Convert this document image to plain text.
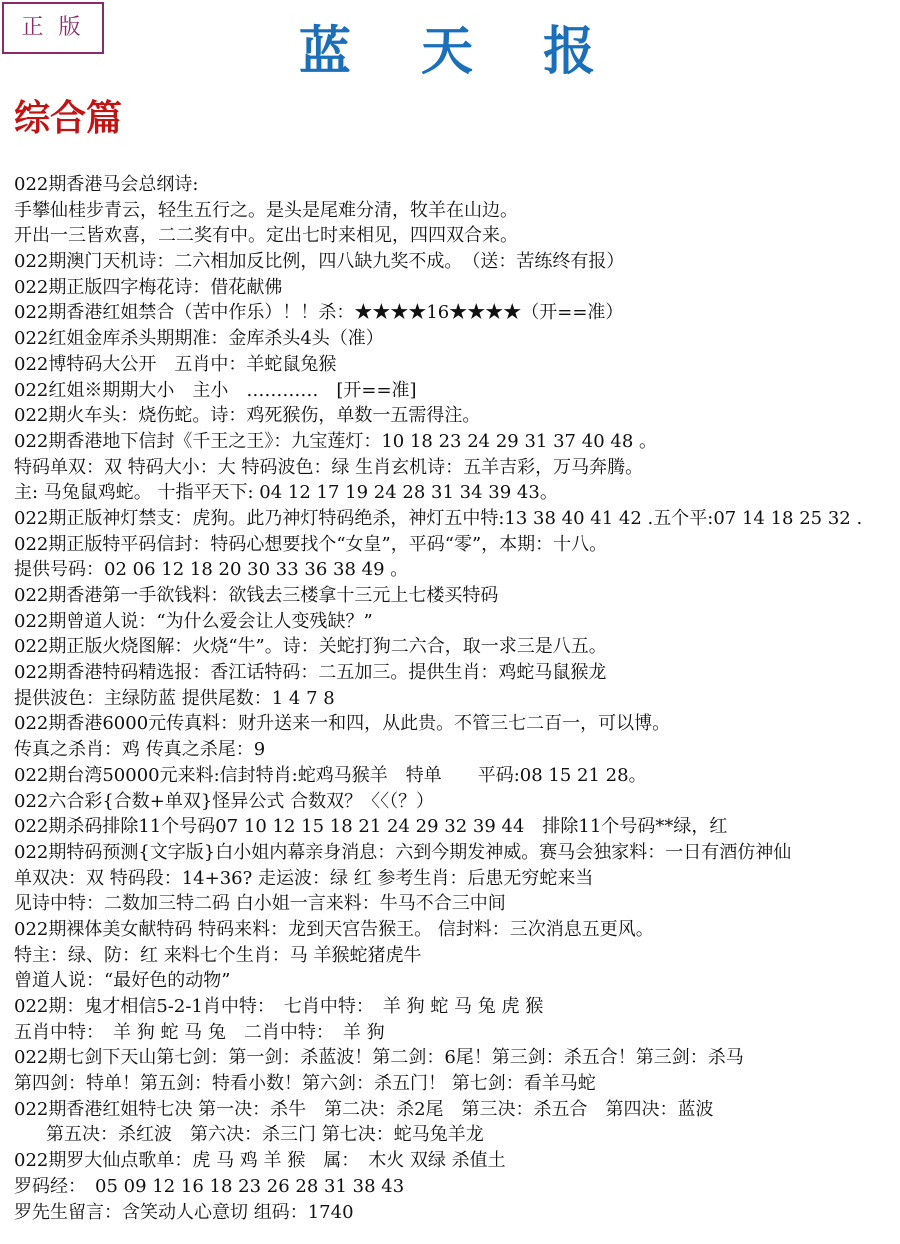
正 版	蓝 天 报
综合篇
022期香港马会总纲诗:
手攀仙桂步青云，轻生五行之。是头是尾难分清，牧羊在山边。
开出一三皆欢喜，二二奖有中。定出七时来相见，四四双合来。
022期澳门天机诗：二六相加反比例，四八缺九奖不成。　（送：苦练终有报）
022期正版四字梅花诗：借花献佛
022期香港红姐禁合（苦中作乐）！！杀：★★★★16★★★★（开==准）
022红姐金库杀头期期准：金库杀头4头（准）
022博特码大公开　五肖中：羊蛇鼠兔猴
022红姐※期期大小　主小　…………　[开==准]
022期火车头：烧伤蛇。诗：鸡死猴伤，单数一五需得注。
022期香港地下信封《千王之王》：九宝莲灯：10 18 23 24 29 31 37 40 48 。
特码单双：双 特码大小：大 特码波色：绿 生肖玄机诗：五羊吉彩，万马奔腾。
主: 马兔鼠鸡蛇。 十指平天下: 04 12 17 19 24 28 31 34 39 43。
022期正版神灯禁支：虎狗。此乃神灯特码绝杀，神灯五中特:13 38 40 41 42 .五个平:07 14 18 25 32 .
022期正版特平码信封：特码心想要找个“女皇”，平码“零”，本期：十八。
提供号码：02 06 12 18 20 30 33 36 38 49 。
022期香港第一手欲钱料：欲钱去三楼拿十三元上七楼买特码
022期曾道人说：“为什么爱会让人变残缺？”
022期正版火烧图解：火烧“牛”。诗：关蛇打狗二六合，取一求三是八五。
022期香港特码精选报：香江话特码：二五加三。提供生肖：鸡蛇马鼠猴龙
提供波色：主绿防蓝 提供尾数：1 4 7 8
022期香港6000元传真料：财升送来一和四，从此贵。不管三七二百一，可以博。
传真之杀肖：鸡 传真之杀尾：9
022期台湾50000元来料:信封特肖:蛇鸡马猴羊　特单　　平码:08 15 21 28。
022六合彩{合数+单双}怪异公式 合数双？〈〈（？）
022期杀码排除11个号码07 10 12 15 18 21 24 29 32 39 44　排除11个号码**绿，红
022期特码预测{文字版}白小姐内幕亲身消息：六到今期发神威。赛马会独家料：一日有酒仿神仙
单双决：双 特码段：14+36? 走运波：绿 红 参考生肖：后患无穷蛇来当
见诗中特：二数加三特二码 白小姐一言来料：牛马不合三中间
022期裸体美女献特码 特码来料：龙到天宫告猴王。 信封料：三次消息五更风。
特主：绿、防：红 来料七个生肖：马 羊猴蛇猪虎牛
曾道人说：“最好色的动物”
022期：鬼才相信5-2-1肖中特：　七肖中特：　羊 狗 蛇 马 兔 虎 猴
五肖中特：　羊 狗 蛇 马 兔　二肖中特：　羊 狗
022期七剑下天山第七剑：第一剑：杀蓝波！第二剑：6尾！第三剑：杀五合！第三剑：杀马
第四剑：特单！第五剑：特看小数！第六剑：杀五门！ 第七剑：看羊马蛇
022期香港红姐特七决 第一决：杀牛　第二决：杀2尾　第三决：杀五合　第四决：蓝波
第五决：杀红波　第六决：杀三门 第七决：蛇马兔羊龙
022期罗大仙点歌单：虎 马 鸡 羊 猴　属：　木火 双绿 杀值土
罗码经：　05 09 12 16 18 23 26 28 31 38 43
罗先生留言：含笑动人心意切 组码：1740
